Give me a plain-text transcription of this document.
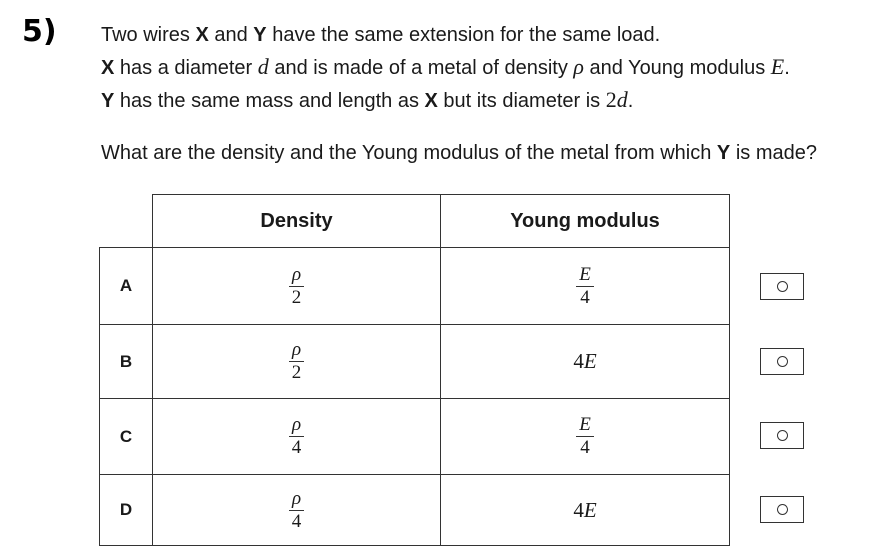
5) Two wires X and Y have the same extension for the same load.
X has a diameter d and is made of a metal of density ρ and Young modulus E.
Y has the same mass and length as X but its diameter is 2d.
What are the density and the Young modulus of the metal from which Y is made?
	Density	Young modulus
A	$\frac{\rho}{2}$	$\frac{E}{4}$

B	$\frac{\rho}{2}$	4E
C	$\frac{\rho}{4}$	$\frac{E}{4}$

D	$\frac{\rho}{4}$	4E
